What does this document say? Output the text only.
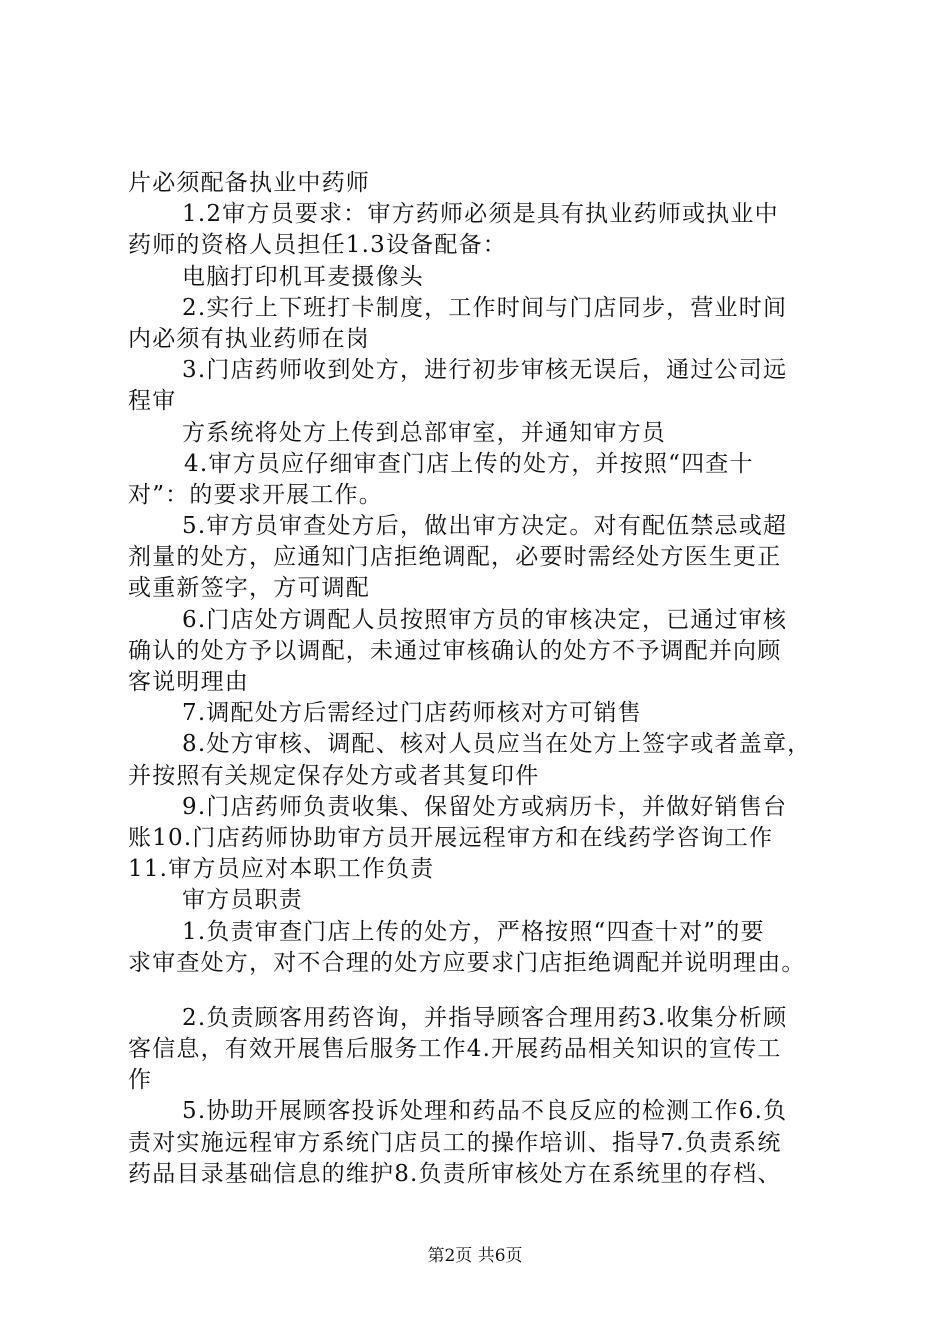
片必须配备执业中药师
1.2审方员要求：审方药师必须是具有执业药师或执业中
药师的资格人员担任1.3设备配备：
电脑打印机耳麦摄像头
2.实行上下班打卡制度，工作时间与门店同步，营业时间
内必须有执业药师在岗
3.门店药师收到处方，进行初步审核无误后，通过公司远
程审
方系统将处方上传到总部审室，并通知审方员
4.审方员应仔细审查门店上传的处方，并按照“四查十
对”：的要求开展工作。
5.审方员审查处方后，做出审方决定。对有配伍禁忌或超
剂量的处方，应通知门店拒绝调配，必要时需经处方医生更正
或重新签字，方可调配
6.门店处方调配人员按照审方员的审核决定，已通过审核
确认的处方予以调配，未通过审核确认的处方不予调配并向顾
客说明理由
7.调配处方后需经过门店药师核对方可销售
8.处方审核、调配、核对人员应当在处方上签字或者盖章，
并按照有关规定保存处方或者其复印件
9.门店药师负责收集、保留处方或病历卡，并做好销售台
账10.门店药师协助审方员开展远程审方和在线药学咨询工作
11.审方员应对本职工作负责
审方员职责
1.负责审查门店上传的处方，严格按照“四查十对”的要
求审查处方，对不合理的处方应要求门店拒绝调配并说明理由。
2.负责顾客用药咨询，并指导顾客合理用药3.收集分析顾
客信息，有效开展售后服务工作4.开展药品相关知识的宣传工
作
5.协助开展顾客投诉处理和药品不良反应的检测工作6.负
责对实施远程审方系统门店员工的操作培训、指导7.负责系统
药品目录基础信息的维护8.负责所审核处方在系统里的存档、
第2页 共6页
